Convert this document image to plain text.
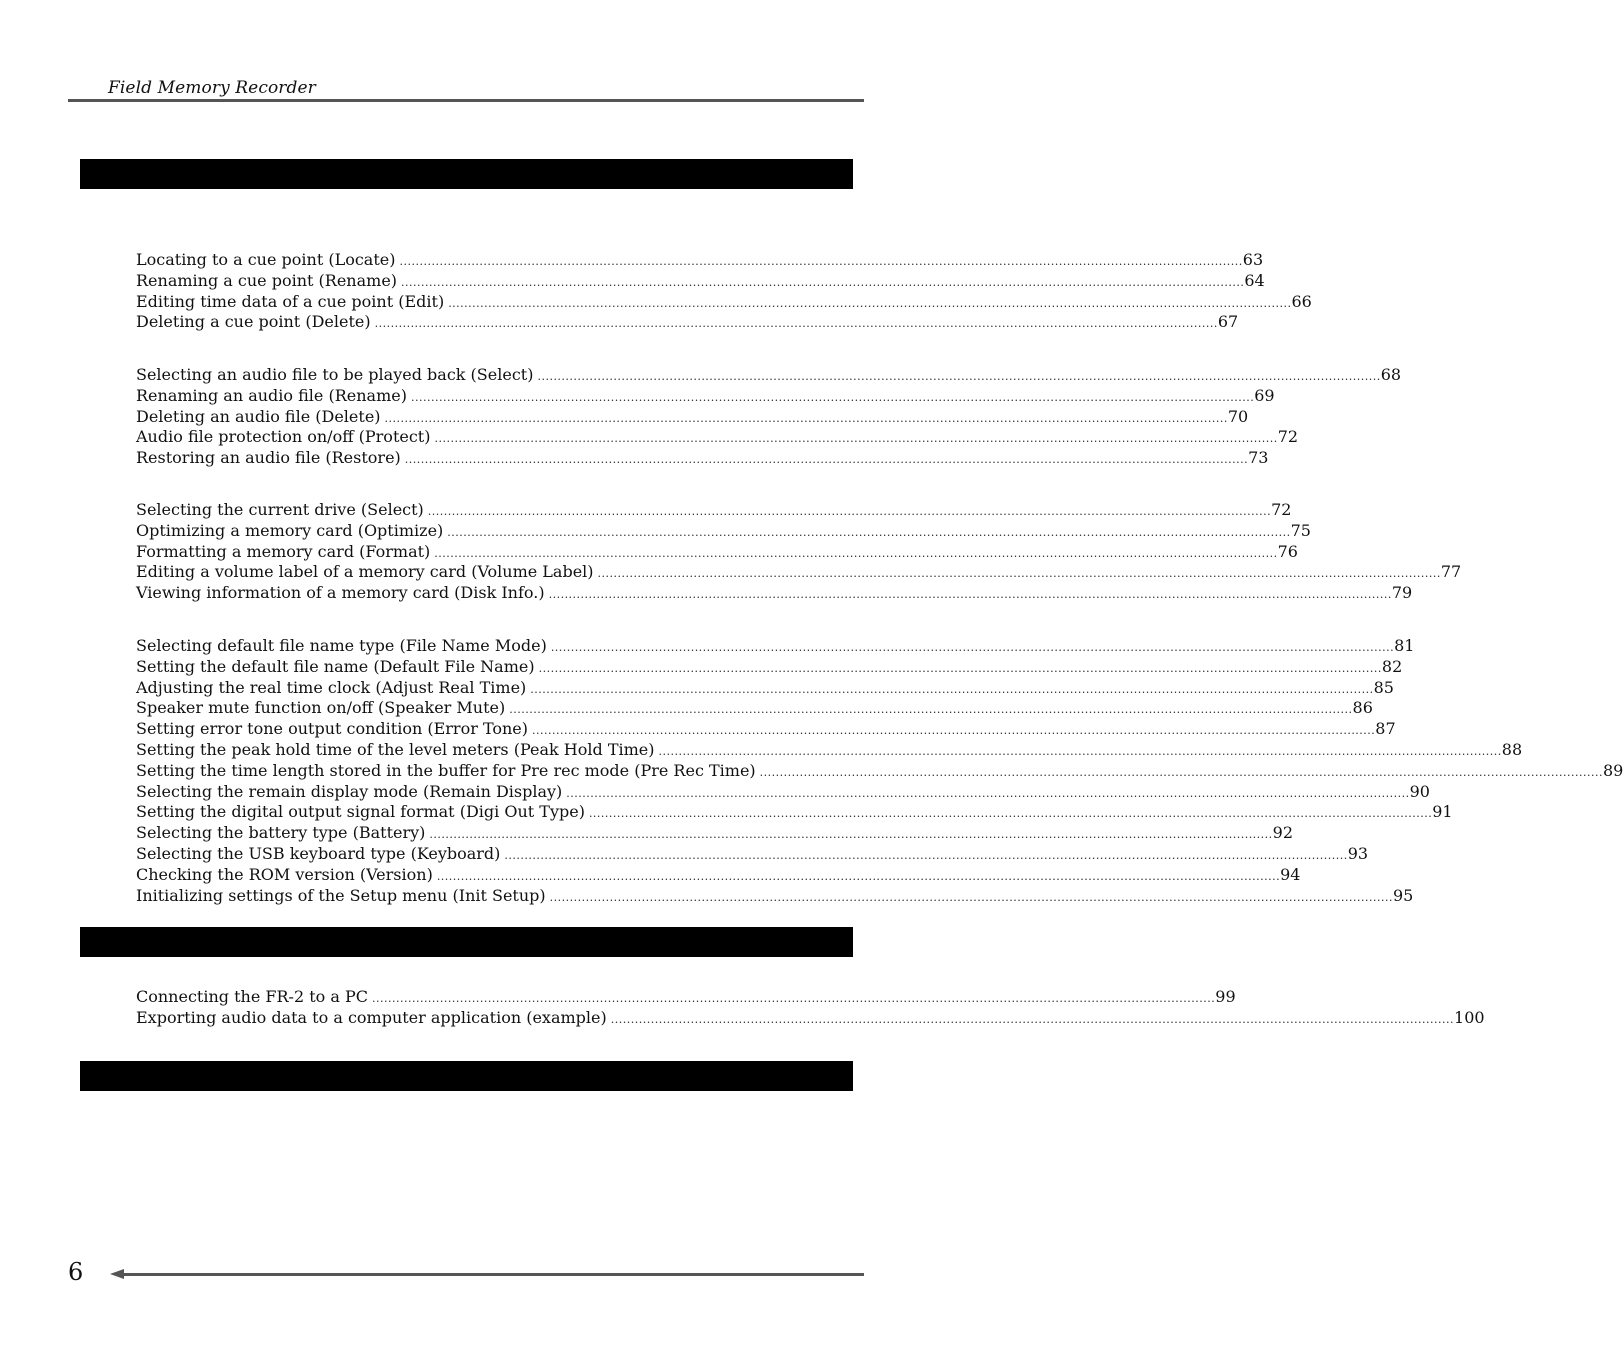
Field Memory Recorder
Locating to a cue point (Locate) ................................................................................................................................................................................................................... 63
Renaming a cue point (Rename) ................................................................................................................................................................................................................... 64
Editing time data of a cue point (Edit) ................................................................................................................................................................................................................... 66
Deleting a cue point (Delete) ................................................................................................................................................................................................................... 67
Selecting an audio file to be played back (Select) ................................................................................................................................................................................................................... 68
Renaming an audio file (Rename) ................................................................................................................................................................................................................... 69
Deleting an audio file (Delete) ................................................................................................................................................................................................................... 70
Audio file protection on/off (Protect) ................................................................................................................................................................................................................... 72
Restoring an audio file (Restore) ................................................................................................................................................................................................................... 73
Selecting the current drive (Select) ................................................................................................................................................................................................................... 72
Optimizing a memory card (Optimize) ................................................................................................................................................................................................................... 75
Formatting a memory card (Format) ................................................................................................................................................................................................................... 76
Editing a volume label of a memory card (Volume Label) ................................................................................................................................................................................................................... 77
Viewing information of a memory card (Disk Info.) ................................................................................................................................................................................................................... 79
Selecting default file name type (File Name Mode) ................................................................................................................................................................................................................... 81
Setting the default file name (Default File Name) ................................................................................................................................................................................................................... 82
Adjusting the real time clock (Adjust Real Time) ................................................................................................................................................................................................................... 85
Speaker mute function on/off (Speaker Mute) ................................................................................................................................................................................................................... 86
Setting error tone output condition (Error Tone) ................................................................................................................................................................................................................... 87
Setting the peak hold time of the level meters (Peak Hold Time) ................................................................................................................................................................................................................... 88
Setting the time length stored in the buffer for Pre rec mode (Pre Rec Time) ................................................................................................................................................................................................................... 89
Selecting the remain display mode (Remain Display) ................................................................................................................................................................................................................... 90
Setting the digital output signal format (Digi Out Type) ................................................................................................................................................................................................................... 91
Selecting the battery type (Battery) ................................................................................................................................................................................................................... 92
Selecting the USB keyboard type (Keyboard) ................................................................................................................................................................................................................... 93
Checking the ROM version (Version) ................................................................................................................................................................................................................... 94
Initializing settings of the Setup menu (Init Setup) ................................................................................................................................................................................................................... 95
Connecting the FR-2 to a PC ................................................................................................................................................................................................................... 99
Exporting audio data to a computer application (example) ................................................................................................................................................................................................................... 100
6
